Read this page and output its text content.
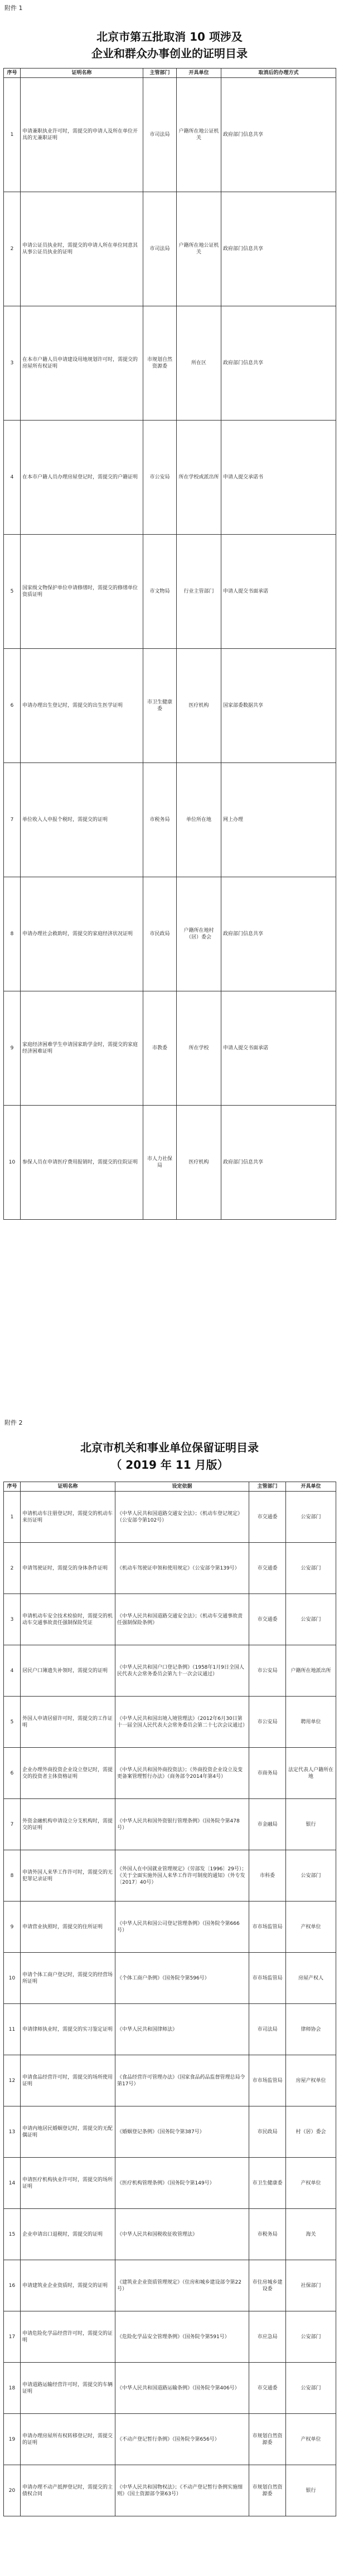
附件 1
北京市第五批取消 10 项涉及
企业和群众办事创业的证明目录
序号	证明名称	主管部门	开具单位	取消后的办理方式
1	申请兼职执业许可时，需提交的申请人及所在单位开具的无兼职证明	市司法局	户籍所在地公证机关	政府部门信息共享
2	申请公证员执业时，需提交的申请人所在单位同意其从事公证员执业的证明	市司法局	户籍所在地公证机关	政府部门信息共享
3	在本市户籍人员申请建设用地规划许可时，需提交的房屋所有权证明	市规划自然资源委	所在区	政府部门信息共享
4	在本市户籍人员办理房屋登记时，需提交的户籍证明	市公安局	所在学校或派出所	申请人提交承诺书
5	国家级文物保护单位申请修缮时，需提交的修缮单位资质证明	市文物局	行业主管部门	申请人提交书面承诺
6	申请办理出生登记时，需提交的出生医学证明	市卫生健康委	医疗机构	国家部委数据共享
7	单位收入人申报个税时，需提交的证明	市税务局	单位所在地	网上办理
8	申请办理社会救助时，需提交的家庭经济状况证明	市民政局	户籍所在地村（居）委会	政府部门信息共享
9	家庭经济困难学生申请国家助学金时，需提交的家庭经济困难证明	市教委	所在学校	申请人提交书面承诺
10	参保人员在申请医疗费用报销时，需提交的住院证明	市人力社保局	医疗机构	政府部门信息共享
附件 2
北京市机关和事业单位保留证明目录
（ 2019 年 11 月版）
序号	证明名称	设定依据	主管部门	开具单位
1	申请机动车注册登记时，需提交的机动车来历证明	《中华人民共和国道路交通安全法》；《机动车登记规定》（公安部令第102号）	市交通委	公安部门
2	申请驾驶证时，需提交的身体条件证明	《机动车驾驶证申领和使用规定》（公安部令第139号）	市交通委	公安部门
3	申请机动车安全技术检验时，需提交的机动车交通事故责任强制保险凭证	《中华人民共和国道路交通安全法》；《机动车交通事故责任强制保险条例》	市交通委	公安部门
4	居民户口簿遗失补领时，需提交的证明	《中华人民共和国户口登记条例》（1958年1月9日全国人民代表大会常务委员会第九十一次会议通过）	市公安局	户籍所在地派出所
5	外国人申请居留许可时，需提交的工作证明	《中华人民共和国出境入境管理法》（2012年6月30日第十一届全国人民代表大会常务委员会第二十七次会议通过）	市公安局	聘用单位
6	企业办理外商投资企业设立登记时，需提交的投资者主体资格证明	《中华人民共和国外商投资法》；《外商投资企业设立及变更备案管理暂行办法》（商务部令2014年第4号）	市商务局	法定代表人户籍所在地
7	外资金融机构申请设立分支机构时，需提交的证明	《中华人民共和国外资银行管理条例》（国务院令第478号）	市金融局	银行
8	申请外国人来华工作许可时，需提交的无犯罪记录证明	《外国人在中国就业管理规定》（劳部发〔1996〕29号）；《关于全面实施外国人来华工作许可制度的通知》（外专发〔2017〕40号）	市科委	公安部门
9	申请营业执照时，需提交的住所证明	《中华人民共和国公司登记管理条例》（国务院令第666号）	市市场监管局	产权单位
10	申请个体工商户登记时，需提交的经营场所证明	《个体工商户条例》（国务院令第596号）	市市场监管局	房屋产权人
11	申请律师执业时，需提交的实习鉴定证明	《中华人民共和国律师法》	市司法局	律师协会
12	申请食品经营许可时，需提交的场所使用证明	《食品经营许可管理办法》（国家食品药品监督管理总局令第17号）	市市场监管局	房屋产权单位
13	申请内地居民婚姻登记时，需提交的无配偶证明	《婚姻登记条例》（国务院令第387号）	市民政局	村（居）委会
14	申请医疗机构执业许可时，需提交的场所证明	《医疗机构管理条例》（国务院令第149号）	市卫生健康委	产权单位
15	企业申请出口退税时，需提交的证明	《中华人民共和国税收征收管理法》	市税务局	海关
16	申请建筑业企业资质时，需提交的证明	《建筑业企业资质管理规定》（住房和城乡建设部令第22号）	市住房城乡建设委	社保部门
17	申请危险化学品经营许可时，需提交的证明	《危险化学品安全管理条例》（国务院令第591号）	市应急局	公安部门
18	申请道路运输经营许可时，需提交的车辆证明	《中华人民共和国道路运输条例》（国务院令第406号）	市交通委	公安部门
19	申请办理房屋所有权转移登记时，需提交的证明	《不动产登记暂行条例》（国务院令第656号）	市规划自然资源委	产权单位
20	申请办理不动产抵押登记时，需提交的主债权合同	《中华人民共和国物权法》；《不动产登记暂行条例实施细则》（国土资源部令第63号）	市规划自然资源委	银行
